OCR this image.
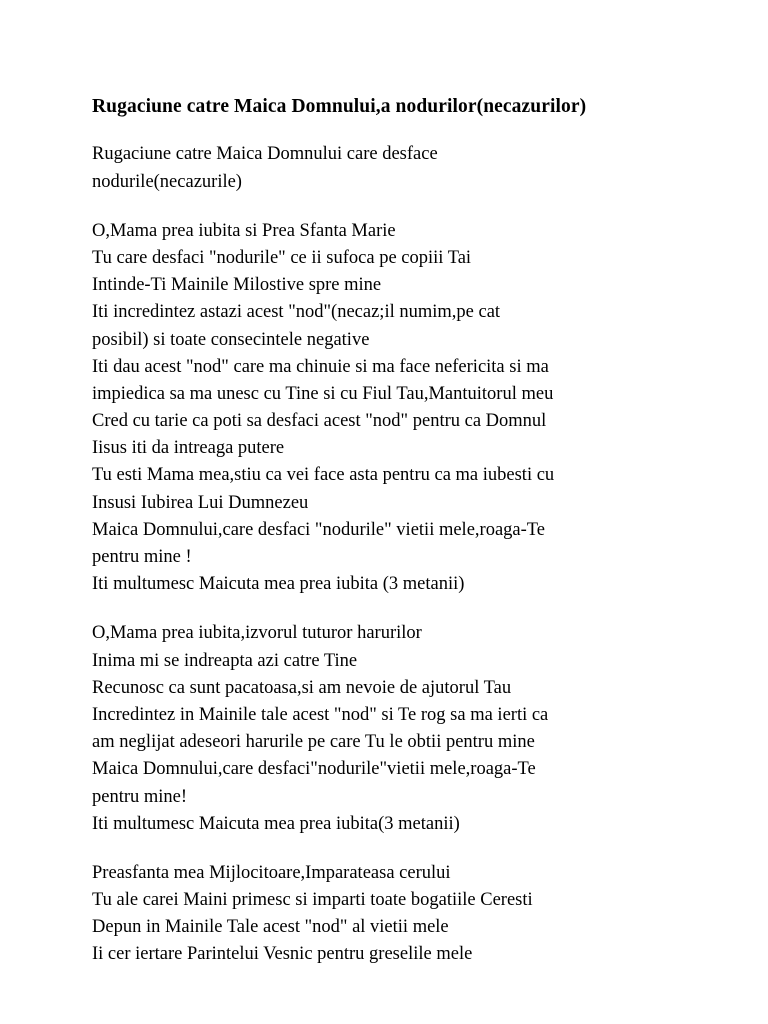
Rugaciune catre Maica Domnului,a nodurilor(necazurilor)
Rugaciune catre Maica Domnului care desface
nodurile(necazurile)
O,Mama prea iubita si Prea Sfanta Marie
Tu care desfaci "nodurile" ce ii sufoca pe copiii Tai
Intinde-Ti Mainile Milostive spre mine
Iti incredintez astazi acest "nod"(necaz;il numim,pe cat
posibil) si toate consecintele negative
Iti dau acest "nod" care ma chinuie si ma face nefericita si ma
impiedica sa ma unesc cu Tine si cu Fiul Tau,Mantuitorul meu
Cred cu tarie ca poti sa desfaci acest "nod" pentru ca Domnul
Iisus iti da intreaga putere
Tu esti Mama mea,stiu ca vei face asta pentru ca ma iubesti cu
Insusi Iubirea Lui Dumnezeu
Maica Domnului,care desfaci "nodurile" vietii mele,roaga-Te
pentru mine !
Iti multumesc Maicuta mea prea iubita (3 metanii)
O,Mama prea iubita,izvorul tuturor harurilor
Inima mi se indreapta azi catre Tine
Recunosc ca sunt pacatoasa,si am nevoie de ajutorul Tau
Incredintez in Mainile tale acest "nod" si Te rog sa ma ierti ca
am neglijat adeseori harurile pe care Tu le obtii pentru mine
Maica Domnului,care desfaci"nodurile"vietii mele,roaga-Te
pentru mine!
Iti multumesc Maicuta mea prea iubita(3 metanii)
Preasfanta mea Mijlocitoare,Imparateasa cerului
Tu ale carei Maini primesc si imparti toate bogatiile Ceresti
Depun in Mainile Tale acest "nod" al vietii mele
Ii cer iertare Parintelui Vesnic pentru greselile mele
